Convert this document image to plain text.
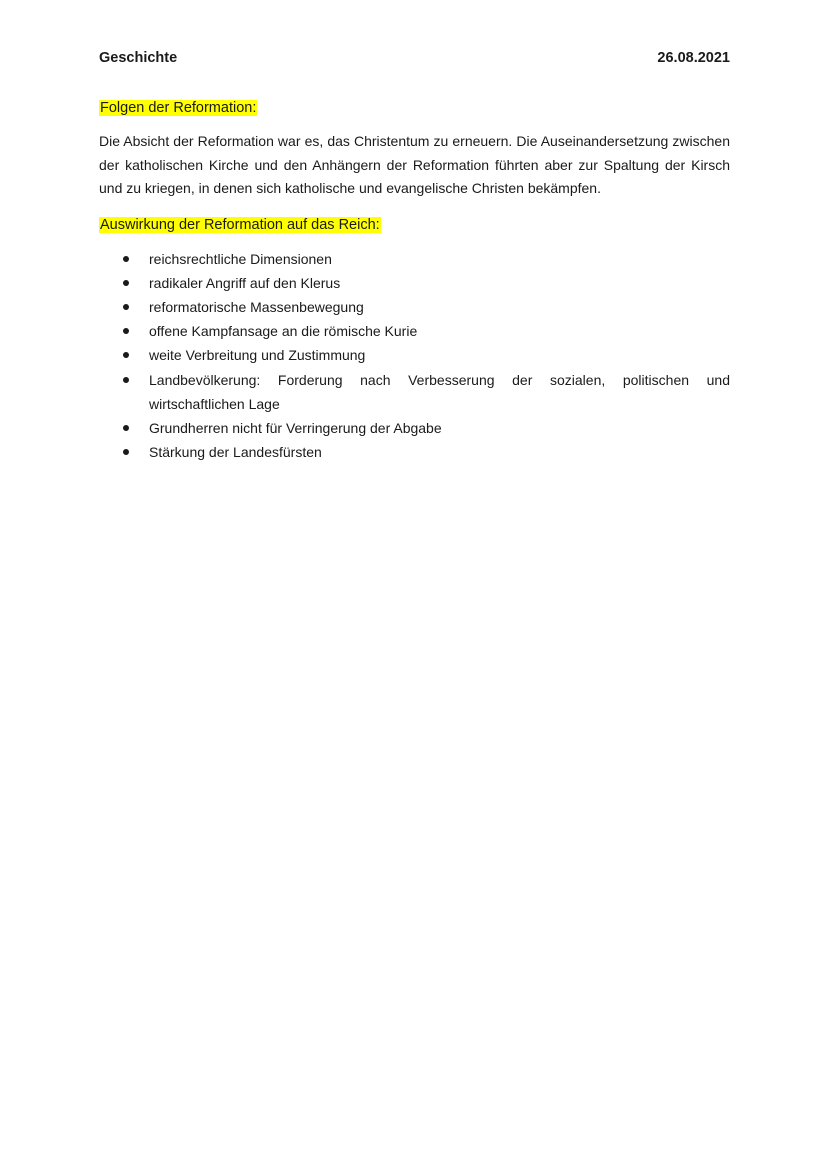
Geschichte	26.08.2021
Folgen der Reformation:

Die Absicht der Reformation war es, das Christentum zu erneuern. Die Auseinandersetzung zwischen der katholischen Kirche und den Anhängern der Reformation führten aber zur Spaltung der Kirsch und zu kriegen, in denen sich katholische und evangelische Christen bekämpfen.

Auswirkung der Reformation auf das Reich:
reichsrechtliche Dimensionen
radikaler Angriff auf den Klerus
reformatorische Massenbewegung
offene Kampfansage an die römische Kurie
weite Verbreitung und Zustimmung
Landbevölkerung: Forderung nach Verbesserung der sozialen, politischen und wirtschaftlichen Lage
Grundherren nicht für Verringerung der Abgabe
Stärkung der Landesfürsten
